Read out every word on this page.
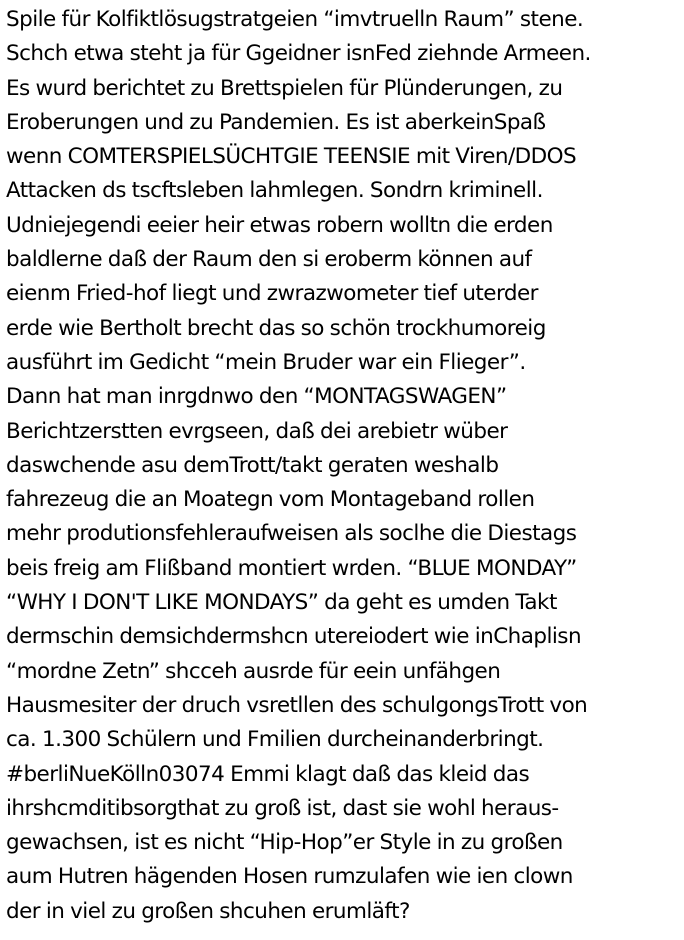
Spile für Kolfiktlösugstratgeien “imvtruelln Raum” stene.
Schch etwa steht ja für Ggeidner isnFed ziehnde Armeen.
Es wurd berichtet zu Brettspielen für Plünderungen, zu
Eroberungen und zu Pandemien. Es ist aberkeinSpaß
wenn COMTERSPIELSÜCHTGIE TEENSIE mit Viren/DDOS
Attacken ds tscftsleben lahmlegen. Sondrn kriminell.
Udniejegendi eeier heir etwas robern wolltn die erden
baldlerne daß der Raum den si eroberm können auf
eienm Fried-hof liegt und zwrazwometer tief uterder
erde wie Bertholt brecht das so schön trockhumoreig
ausführt im Gedicht “mein Bruder war ein Flieger”.
Dann hat man inrgdnwo den “MONTAGSWAGEN”
Berichtzerstten evrgseen, daß dei arebietr wüber
daswchende asu demTrott/takt geraten weshalb
fahrezeug die an Moategn vom Montageband rollen
mehr produtionsfehleraufweisen als soclhe die Diestags
beis freig am Flißband montiert wrden. “BLUE MONDAY”
“WHY I DON'T LIKE MONDAYS” da geht es umden Takt
dermschin demsichdermshcn utereiodert wie inChaplisn
“mordne Zetn” shcceh ausrde für eein unfähgen
Hausmesiter der druch vsretllen des schulgongsTrott von
ca. 1.300 Schülern und Fmilien durcheinanderbringt.
#berliNueKölln03074 Emmi klagt daß das kleid das
ihrshcmditibsorgthat zu groß ist, dast sie wohl heraus-
gewachsen, ist es nicht “Hip-Hop”er Style in zu großen
aum Hutren hägenden Hosen rumzulafen wie ien clown
der in viel zu großen shcuhen erumläft?
